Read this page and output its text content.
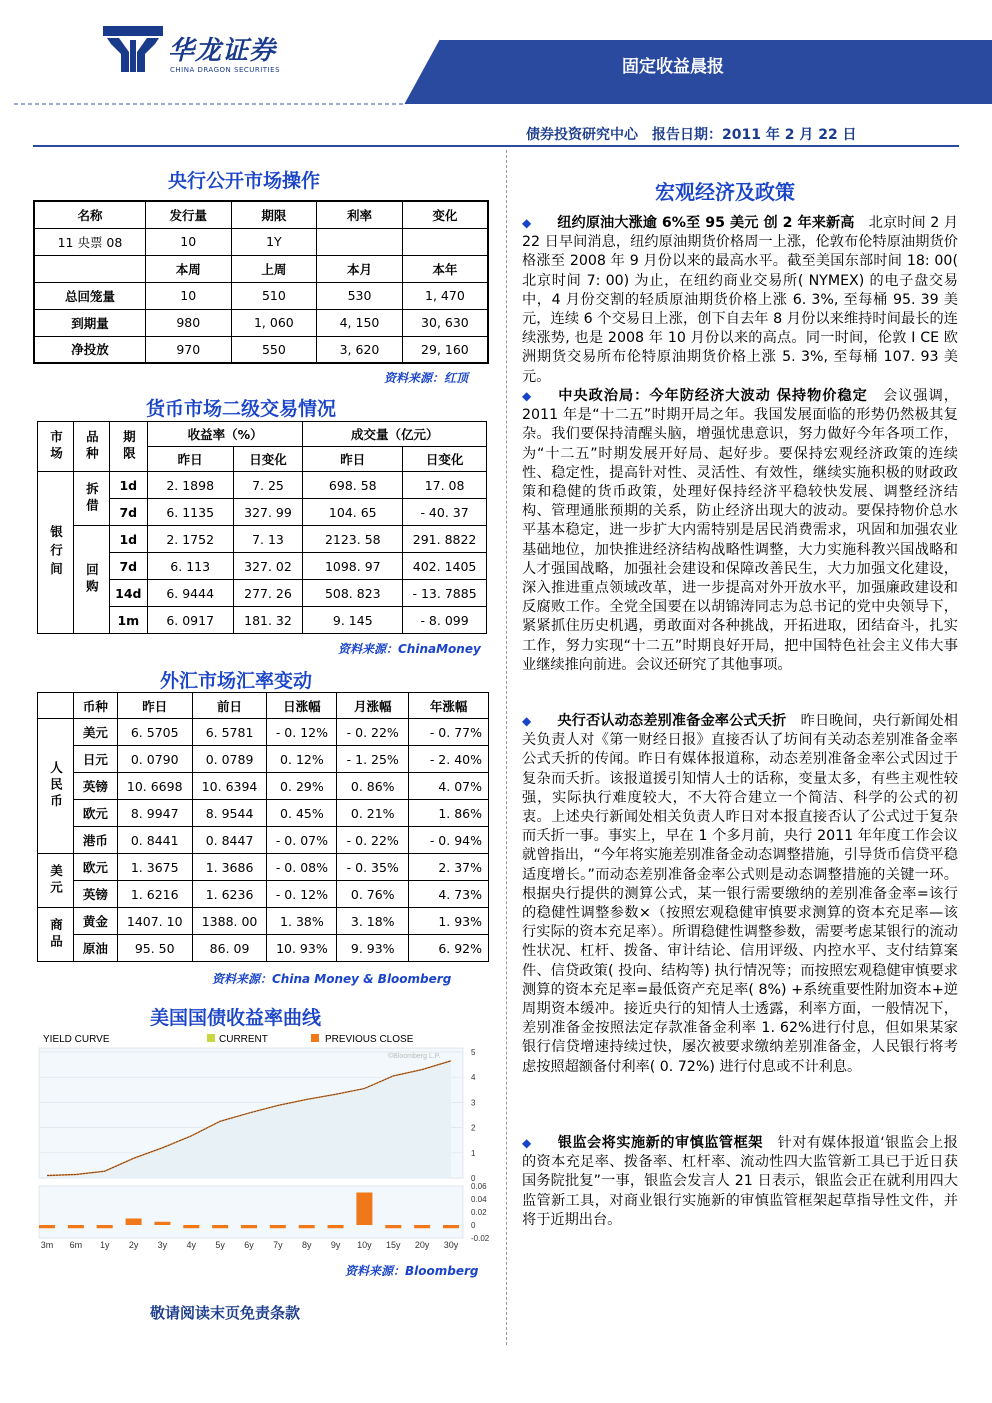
华龙证券
CHINA DRAGON SECURITIES	固定收益晨报
债券投资研究中心　报告日期：2011 年 2 月 22 日
央行公开市场操作
名称	发行量	期限	利率	变化
11 央票 08	10	1Y		
	本周	上周	本月	本年
总回笼量	10	510	530	1, 470
到期量	980	1, 060	4, 150	30, 630
净投放	970	550	3, 620	29, 160
资料来源：红顶
货币市场二级交易情况
市场	品种	期限	收益率（%）		成交量（亿元）	
			昨日	日变化	昨日	日变化
银行间	拆借	1d	2. 1898	7. 25	698. 58	17. 08
		7d	6. 1135	327. 99	104. 65	- 40. 37
	回购	1d	2. 1752	7. 13	2123. 58	291. 8822
		7d	6. 113	327. 02	1098. 97	402. 1405
		14d	6. 9444	277. 26	508. 823	- 13. 7885
		1m	6. 0917	181. 32	9. 145	- 8. 099
资料来源：ChinaMoney
外汇市场汇率变动
	币种	昨日	前日	日涨幅	月涨幅	年涨幅
人民币	美元	6. 5705	6. 5781	- 0. 12%	- 0. 22%	- 0. 77%
	日元	0. 0790	0. 0789	0. 12%	- 1. 25%	- 2. 40%
	英镑	10. 6698	10. 6394	0. 29%	0. 86%	4. 07%
	欧元	8. 9947	8. 9544	0. 45%	0. 21%	1. 86%
	港币	0. 8441	0. 8447	- 0. 07%	- 0. 22%	- 0. 94%
美元	欧元	1. 3675	1. 3686	- 0. 08%	- 0. 35%	2. 37%
	英镑	1. 6216	1. 6236	- 0. 12%	0. 76%	4. 73%
商品	黄金	1407. 10	1388. 00	1. 38%	3. 18%	1. 93%
	原油	95. 50	86. 09	10. 93%	9. 93%	6. 92%
资料来源：China Money & Bloomberg
美国国债收益率曲线
YIELD CURVE	CURRENT	PREVIOUS CLOSE
5
4
3
2
1
0
©Bloomberg L.P.
0.06
0.04
0.02
0
-0.02
3m 6m 1y 2y 3y 4y 5y 6y 7y 8y 9y 10y 15y 20y 30y
资料来源：Bloomberg
敬请阅读末页免责条款
宏观经济及政策
◆ 纽约原油大涨逾 6%至 95 美元 创 2 年来新高　 北京时间 2 月 22 日早间消息，纽约原油期货价格周一上涨，伦敦布伦特原油期货价格涨至 2008 年 9 月份以来的最高水平。截至美国东部时间 18: 00( 北京时间 7: 00) 为止，在纽约商业交易所( NYMEX) 的电子盘交易中，4 月份交割的轻质原油期货价格上涨 6. 3%, 至每桶 95. 39 美元，连续 6 个交易日上涨，创下自去年 8 月份以来维持时间最长的连续涨势, 也是 2008 年 10 月份以来的高点。同一时间，伦敦 I CE 欧洲期货交易所布伦特原油期货价格上涨 5. 3%, 至每桶 107. 93 美元。
◆ 中央政治局：今年防经济大波动 保持物价稳定　 会议强调，2011 年是“十二五”时期开局之年。我国发展面临的形势仍然极其复杂。我们要保持清醒头脑，增强忧患意识，努力做好今年各项工作，为“十二五”时期发展开好局、起好步。要保持宏观经济政策的连续性、稳定性，提高针对性、灵活性、有效性，继续实施积极的财政政策和稳健的货币政策，处理好保持经济平稳较快发展、调整经济结构、管理通胀预期的关系，防止经济出现大的波动。要保持物价总水平基本稳定，进一步扩大内需特别是居民消费需求，巩固和加强农业基础地位，加快推进经济结构战略性调整，大力实施科教兴国战略和人才强国战略，加强社会建设和保障改善民生，大力加强文化建设，深入推进重点领域改革，进一步提高对外开放水平，加强廉政建设和反腐败工作。全党全国要在以胡锦涛同志为总书记的党中央领导下，紧紧抓住历史机遇，勇敢面对各种挑战，开拓进取，团结奋斗，扎实工作，努力实现“十二五”时期良好开局，把中国特色社会主义伟大事业继续推向前进。会议还研究了其他事项。
◆ 央行否认动态差别准备金率公式夭折　 昨日晚间，央行新闻处相关负责人对《第一财经日报》直接否认了坊间有关动态差别准备金率公式夭折的传闻。昨日有媒体报道称，动态差别准备金率公式因过于复杂而夭折。该报道援引知情人士的话称，变量太多，有些主观性较强，实际执行难度较大，不大符合建立一个简洁、科学的公式的初衷。上述央行新闻处相关负责人昨日对本报直接否认了公式过于复杂而夭折一事。事实上，早在 1 个多月前，央行 2011 年年度工作会议就曾指出，“今年将实施差别准备金动态调整措施，引导货币信贷平稳适度增长。”而动态差别准备金率公式则是动态调整措施的关键一环。根据央行提供的测算公式，某一银行需要缴纳的差别准备金率=该行的稳健性调整参数×（按照宏观稳健审慎要求测算的资本充足率—该行实际的资本充足率）。所谓稳健性调整参数，需要考虑某银行的流动性状况、杠杆、拨备、审计结论、信用评级、内控水平、支付结算案件、信贷政策( 投向、结构等) 执行情况等；而按照宏观稳健审慎要求测算的资本充足率=最低资产充足率( 8%) +系统重要性附加资本+逆周期资本缓冲。接近央行的知情人士透露，利率方面，一般情况下，差别准备金按照法定存款准备金利率 1. 62%进行付息，但如果某家银行信贷增速持续过快，屡次被要求缴纳差别准备金，人民银行将考虑按照超额备付利率( 0. 72%) 进行付息或不计利息。
◆ 银监会将实施新的审慎监管框架　 针对有媒体报道‘银监会上报的资本充足率、拨备率、杠杆率、流动性四大监管新工具已于近日获国务院批复”一事，银监会发言人 21 日表示，银监会正在就利用四大监管新工具，对商业银行实施新的审慎监管框架起草指导性文件，并将于近期出台。
